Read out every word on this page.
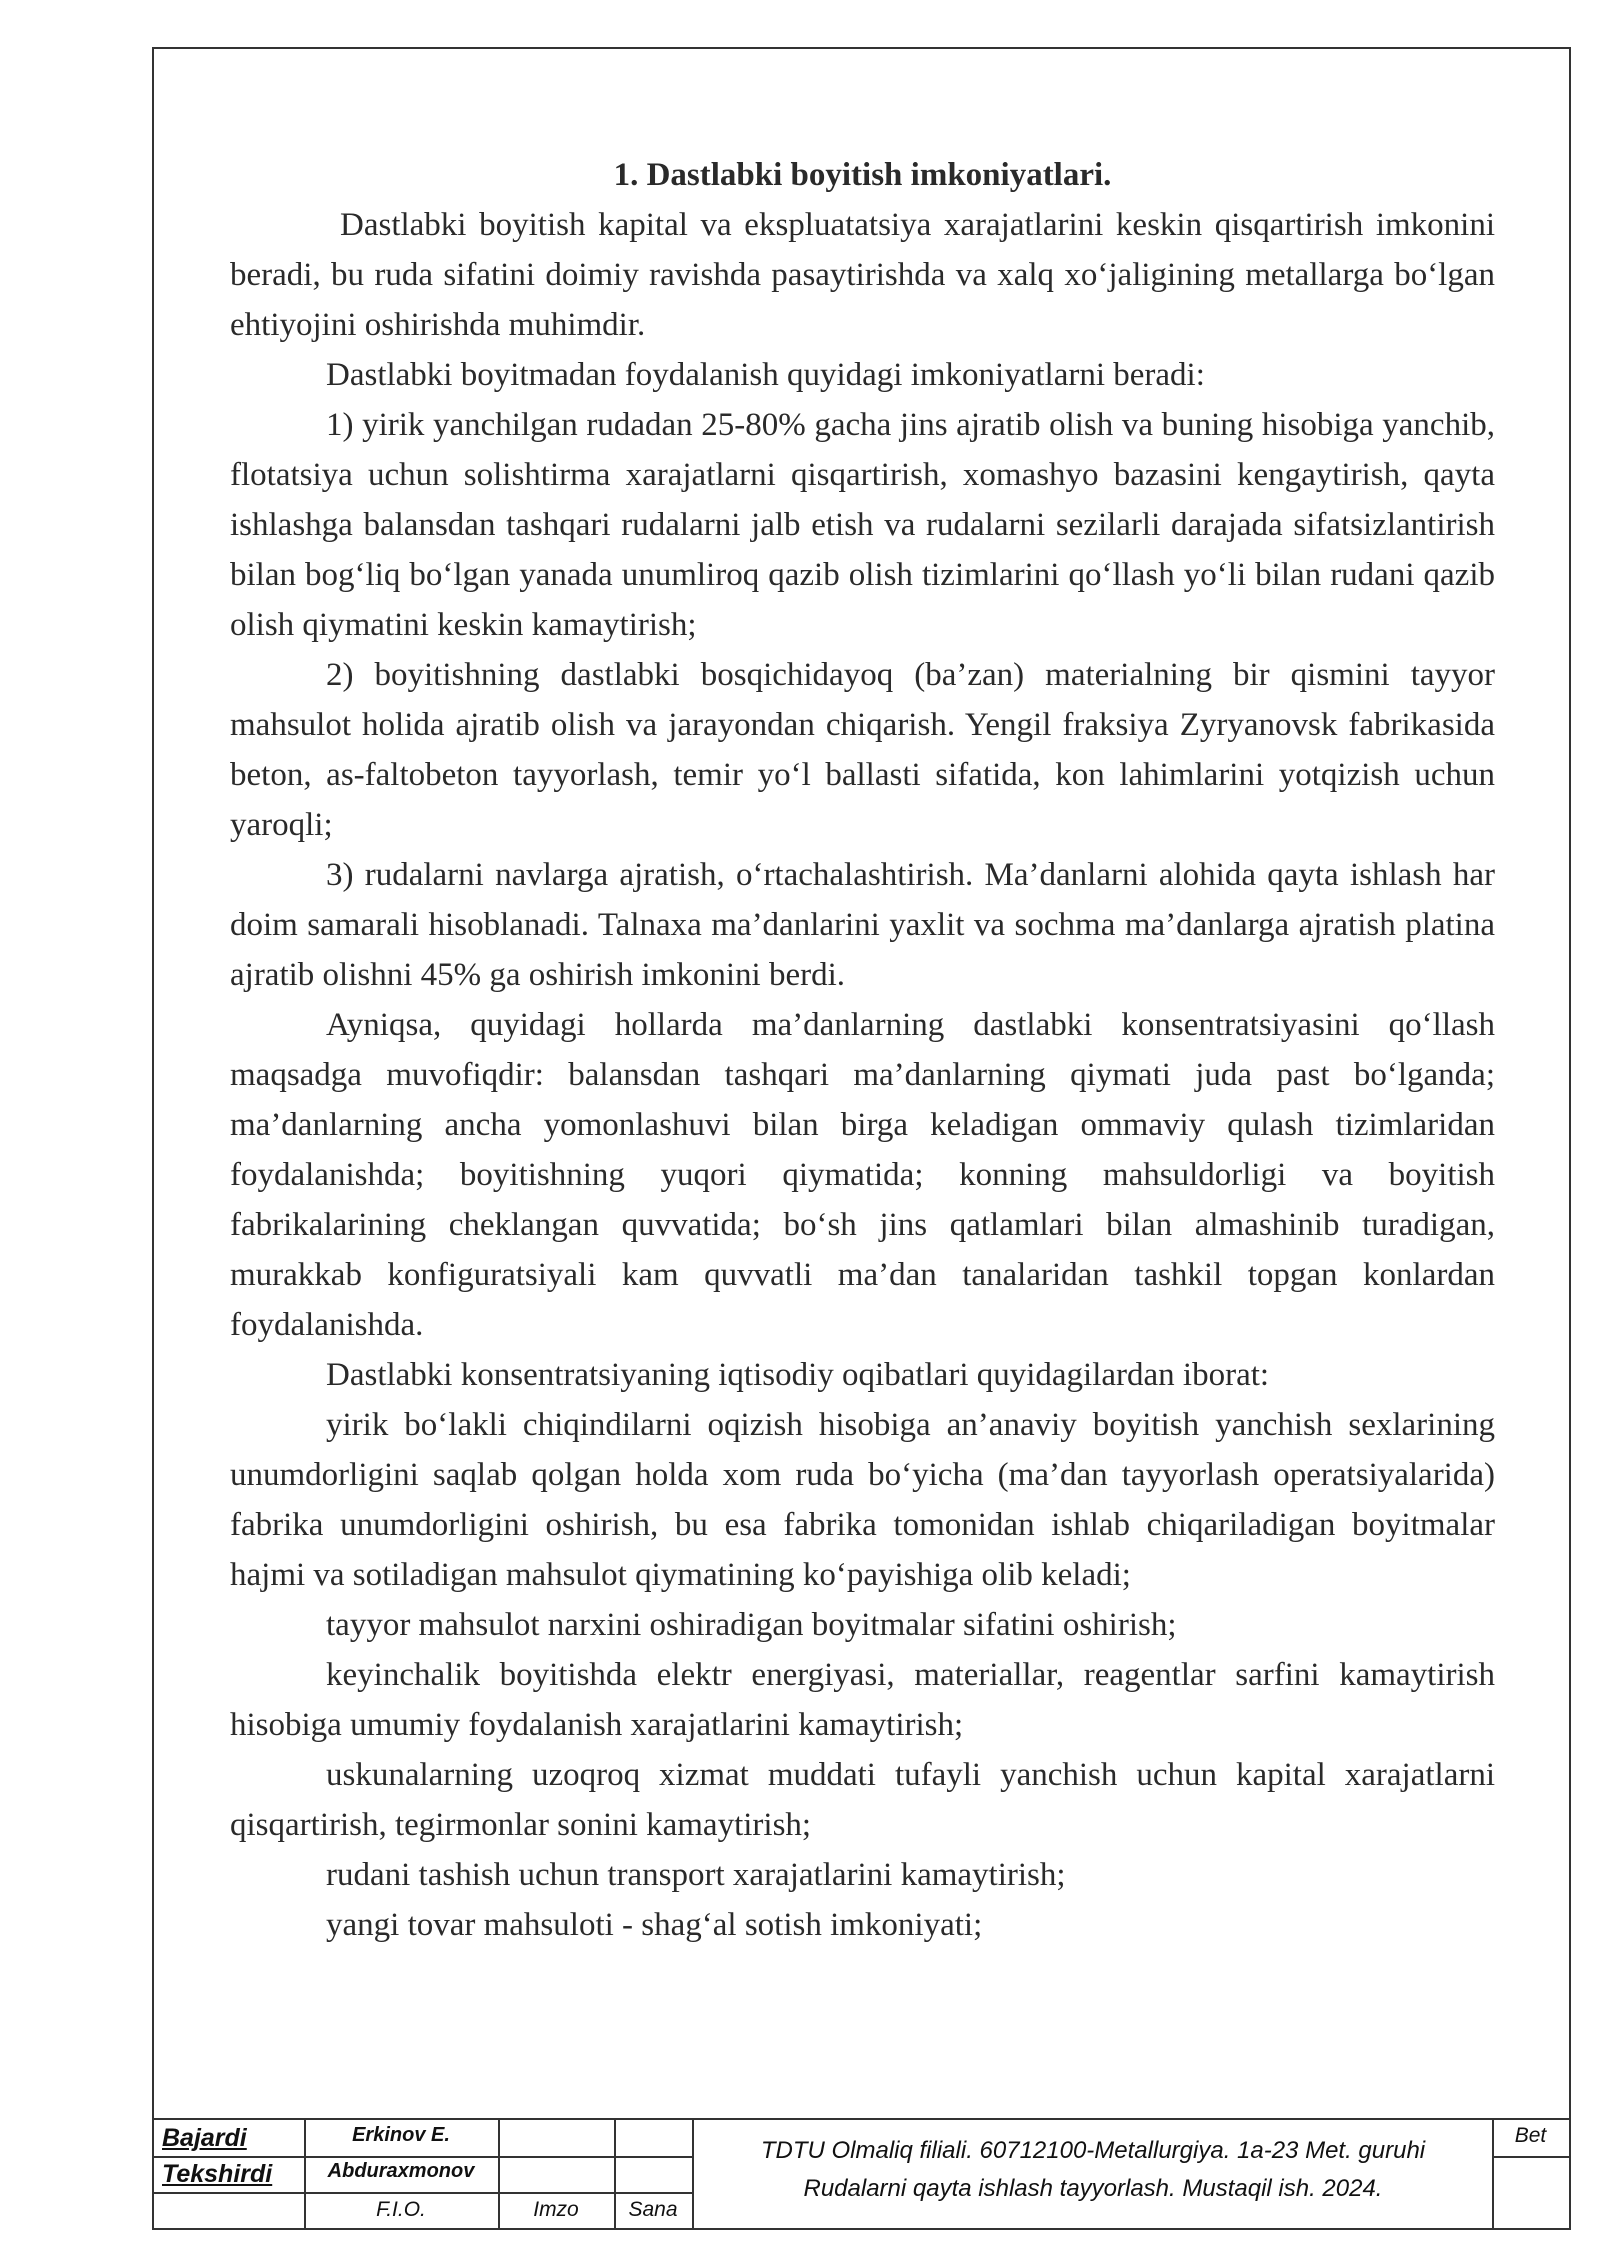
1. Dastlabki boyitish imkoniyatlari.

Dastlabki boyitish kapital va ekspluatatsiya xarajatlarini keskin qisqartirish imkonini beradi, bu ruda sifatini doimiy ravishda pasaytirishda va xalq xo‘jaligining metallarga bo‘lgan ehtiyojini oshirishda muhimdir.

Dastlabki boyitmadan foydalanish quyidagi imkoniyatlarni beradi:

1) yirik yanchilgan rudadan 25-80% gacha jins ajratib olish va buning hisobiga yanchib, flotatsiya uchun solishtirma xarajatlarni qisqartirish, xomashyo bazasini kengaytirish, qayta ishlashga balansdan tashqari rudalarni jalb etish va rudalarni sezilarli darajada sifatsizlantirish bilan bog‘liq bo‘lgan yanada unumliroq qazib olish tizimlarini qo‘llash yo‘li bilan rudani qazib olish qiymatini keskin kamaytirish;

2) boyitishning dastlabki bosqichidayoq (ba’zan) materialning bir qismini tayyor mahsulot holida ajratib olish va jarayondan chiqarish. Yengil fraksiya Zyryanovsk fabrikasida beton, as-faltobeton tayyorlash, temir yo‘l ballasti sifatida, kon lahimlarini yotqizish uchun yaroqli;

3) rudalarni navlarga ajratish, o‘rtachalashtirish. Ma’danlarni alohida qayta ishlash har doim samarali hisoblanadi. Talnaxa ma’danlarini yaxlit va sochma ma’danlarga ajratish platina ajratib olishni 45% ga oshirish imkonini berdi.

Ayniqsa, quyidagi hollarda ma’danlarning dastlabki konsentratsiyasini qo‘llash maqsadga muvofiqdir: balansdan tashqari ma’danlarning qiymati juda past bo‘lganda; ma’danlarning ancha yomonlashuvi bilan birga keladigan ommaviy qulash tizimlaridan foydalanishda; boyitishning yuqori qiymatida; konning mahsuldorligi va boyitish fabrikalarining cheklangan quvvatida; bo‘sh jins qatlamlari bilan almashinib turadigan, murakkab konfiguratsiyali kam quvvatli ma’dan tanalaridan tashkil topgan konlardan foydalanishda.

Dastlabki konsentratsiyaning iqtisodiy oqibatlari quyidagilardan iborat:

yirik bo‘lakli chiqindilarni oqizish hisobiga an’anaviy boyitish yanchish sexlarining unumdorligini saqlab qolgan holda xom ruda bo‘yicha (ma’dan tayyorlash operatsiyalarida) fabrika unumdorligini oshirish, bu esa fabrika tomonidan ishlab chiqariladigan boyitmalar hajmi va sotiladigan mahsulot qiymatining ko‘payishiga olib keladi;

tayyor mahsulot narxini oshiradigan boyitmalar sifatini oshirish;

keyinchalik boyitishda elektr energiyasi, materiallar, reagentlar sarfini kamaytirish hisobiga umumiy foydalanish xarajatlarini kamaytirish;

uskunalarning uzoqroq xizmat muddati tufayli yanchish uchun kapital xarajatlarni qisqartirish, tegirmonlar sonini kamaytirish;

rudani tashish uchun transport xarajatlarini kamaytirish;

yangi tovar mahsuloti - shag‘al sotish imkoniyati;

Bajardi
Tekshirdi
Erkinov E.
Abduraxmonov
F.I.O.	Imzo	Sana
TDTU Olmaliq filiali. 60712100-Metallurgiya. 1a-23 Met. guruhi
Rudalarni qayta ishlash tayyorlash. Mustaqil ish. 2024.
Bet
